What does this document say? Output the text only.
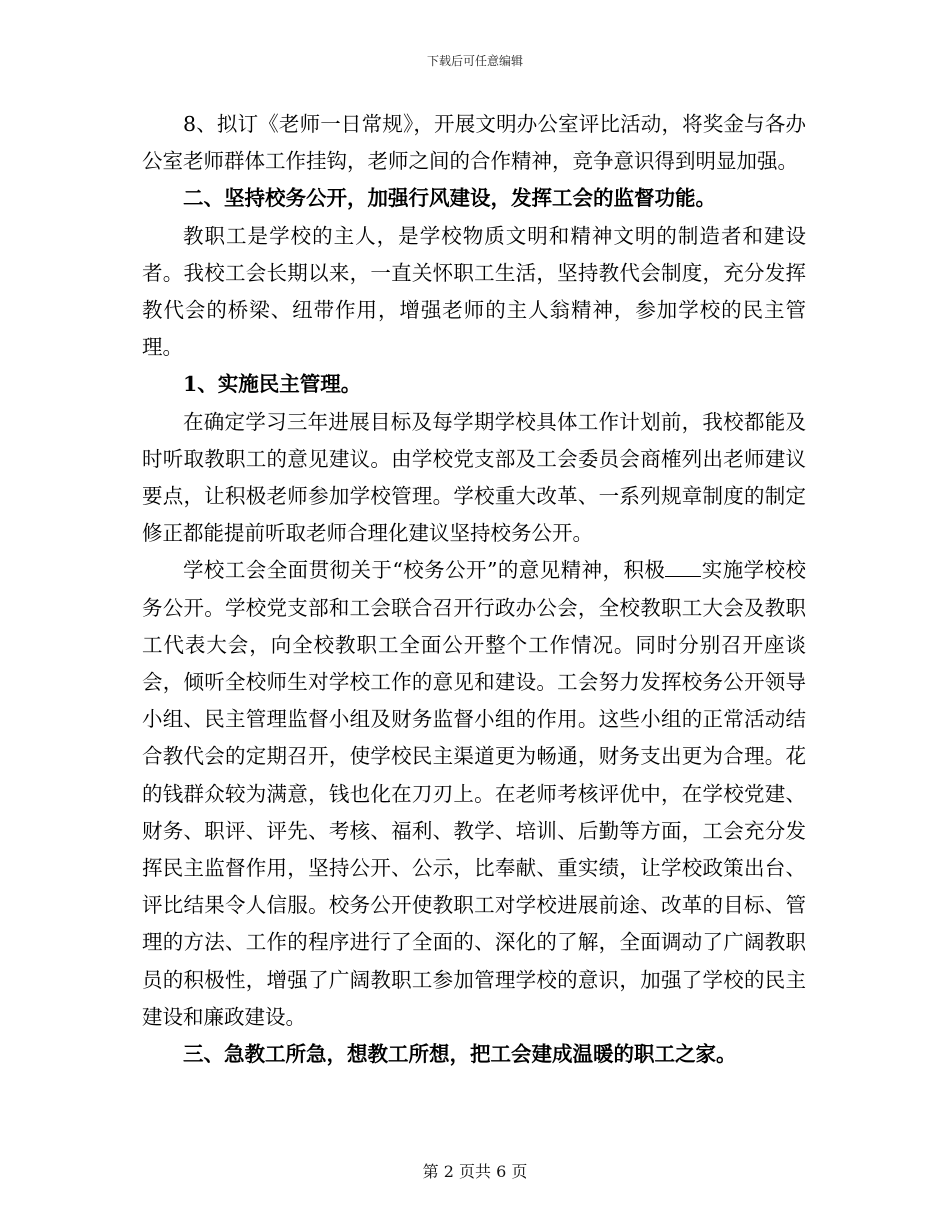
下载后可任意编辑

8、拟订《老师一日常规》，开展文明办公室评比活动，将奖金与各办公室老师群体工作挂钩，老师之间的合作精神，竞争意识得到明显加强。

二、坚持校务公开，加强行风建设，发挥工会的监督功能。

教职工是学校的主人，是学校物质文明和精神文明的制造者和建设者。我校工会长期以来，一直关怀职工生活，坚持教代会制度，充分发挥教代会的桥梁、纽带作用，增强老师的主人翁精神，参加学校的民主管理。

1、实施民主管理。

在确定学习三年进展目标及每学期学校具体工作计划前，我校都能及时听取教职工的意见建议。由学校党支部及工会委员会商榷列出老师建议要点，让积极老师参加学校管理。学校重大改革、一系列规章制度的制定修正都能提前听取老师合理化建议坚持校务公开。

学校工会全面贯彻关于“校务公开”的意见精神，积极 实施学校校务公开。学校党支部和工会联合召开行政办公会，全校教职工大会及教职工代表大会，向全校教职工全面公开整个工作情况。同时分别召开座谈会，倾听全校师生对学校工作的意见和建设。工会努力发挥校务公开领导小组、民主管理监督小组及财务监督小组的作用。这些小组的正常活动结合教代会的定期召开，使学校民主渠道更为畅通，财务支出更为合理。花的钱群众较为满意，钱也化在刀刃上。在老师考核评优中，在学校党建、财务、职评、评先、考核、福利、教学、培训、后勤等方面，工会充分发挥民主监督作用，坚持公开、公示，比奉献、重实绩，让学校政策出台、评比结果令人信服。校务公开使教职工对学校进展前途、改革的目标、管理的方法、工作的程序进行了全面的、深化的了解，全面调动了广阔教职员的积极性，增强了广阔教职工参加管理学校的意识，加强了学校的民主建设和廉政建设。

三、急教工所急，想教工所想，把工会建成温暖的职工之家。

第 2 页共 6 页
